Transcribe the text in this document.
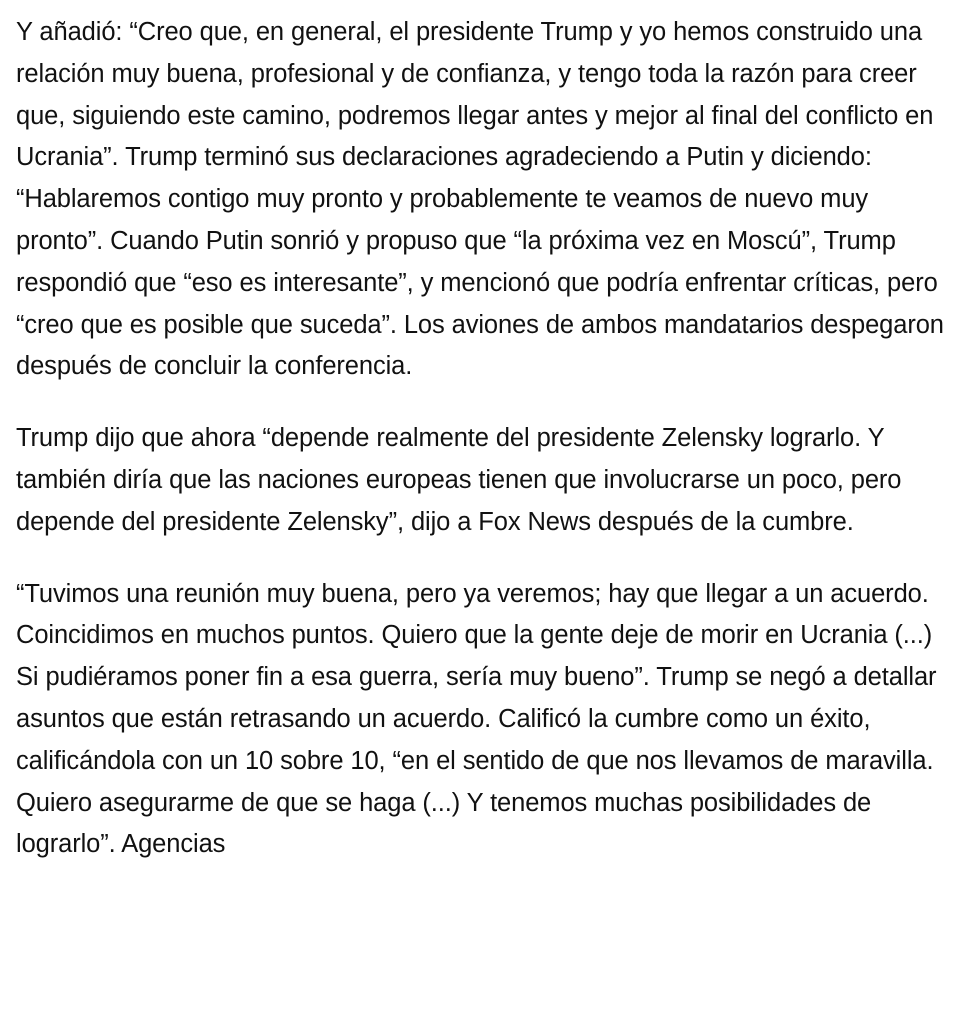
Y añadió: “Creo que, en general, el presidente Trump y yo hemos construido una relación muy buena, profesional y de confianza, y tengo toda la razón para creer que, siguiendo este camino, podremos llegar antes y mejor al final del conflicto en Ucrania”. Trump terminó sus declaraciones agradeciendo a Putin y diciendo: “Hablaremos contigo muy pronto y probablemente te veamos de nuevo muy pronto”. Cuando Putin sonrió y propuso que “la próxima vez en Moscú”, Trump respondió que “eso es interesante”, y mencionó que podría enfrentar críticas, pero “creo que es posible que suceda”. Los aviones de ambos mandatarios despegaron después de concluir la conferencia.

Trump dijo que ahora “depende realmente del presidente Zelensky lograrlo. Y también diría que las naciones europeas tienen que involucrarse un poco, pero depende del presidente Zelensky”, dijo a Fox News después de la cumbre.

“Tuvimos una reunión muy buena, pero ya veremos; hay que llegar a un acuerdo. Coincidimos en muchos puntos. Quiero que la gente deje de morir en Ucrania (...) Si pudiéramos poner fin a esa guerra, sería muy bueno”. Trump se negó a detallar asuntos que están retrasando un acuerdo. Calificó la cumbre como un éxito, calificándola con un 10 sobre 10, “en el sentido de que nos llevamos de maravilla. Quiero asegurarme de que se haga (...) Y tenemos muchas posibilidades de lograrlo”. Agencias
